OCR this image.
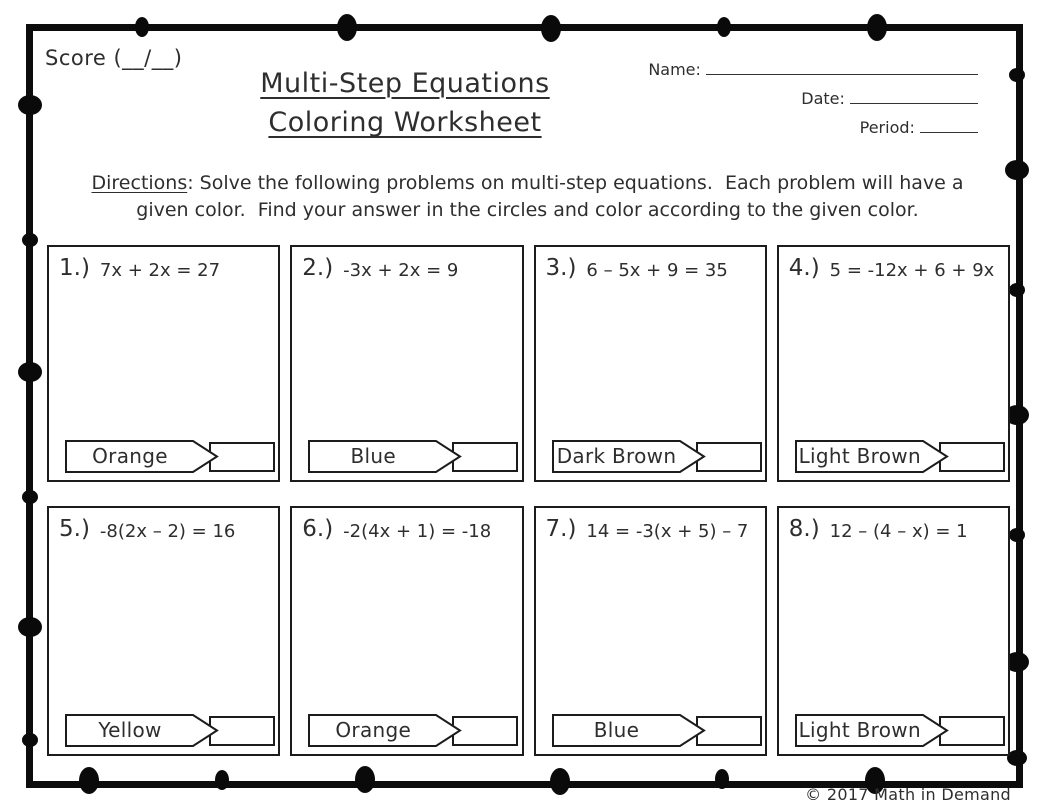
Score (__/__)
Multi-Step Equations
Coloring Worksheet
Name:
Date:
Period:
Directions: Solve the following problems on multi-step equations.  Each problem will have a
given color.  Find your answer in the circles and color according to the given color.
1.) 7x + 2x = 27
Orange
2.) -3x + 2x = 9
Blue
3.) 6 – 5x + 9 = 35
Dark Brown
4.) 5 = -12x + 6 + 9x
Light Brown
5.) -8(2x – 2) = 16
Yellow
6.) -2(4x + 1) = -18
Orange
7.) 14 = -3(x + 5) – 7
Blue
8.) 12 – (4 – x) = 1
Light Brown
© 2017 Math in Demand
